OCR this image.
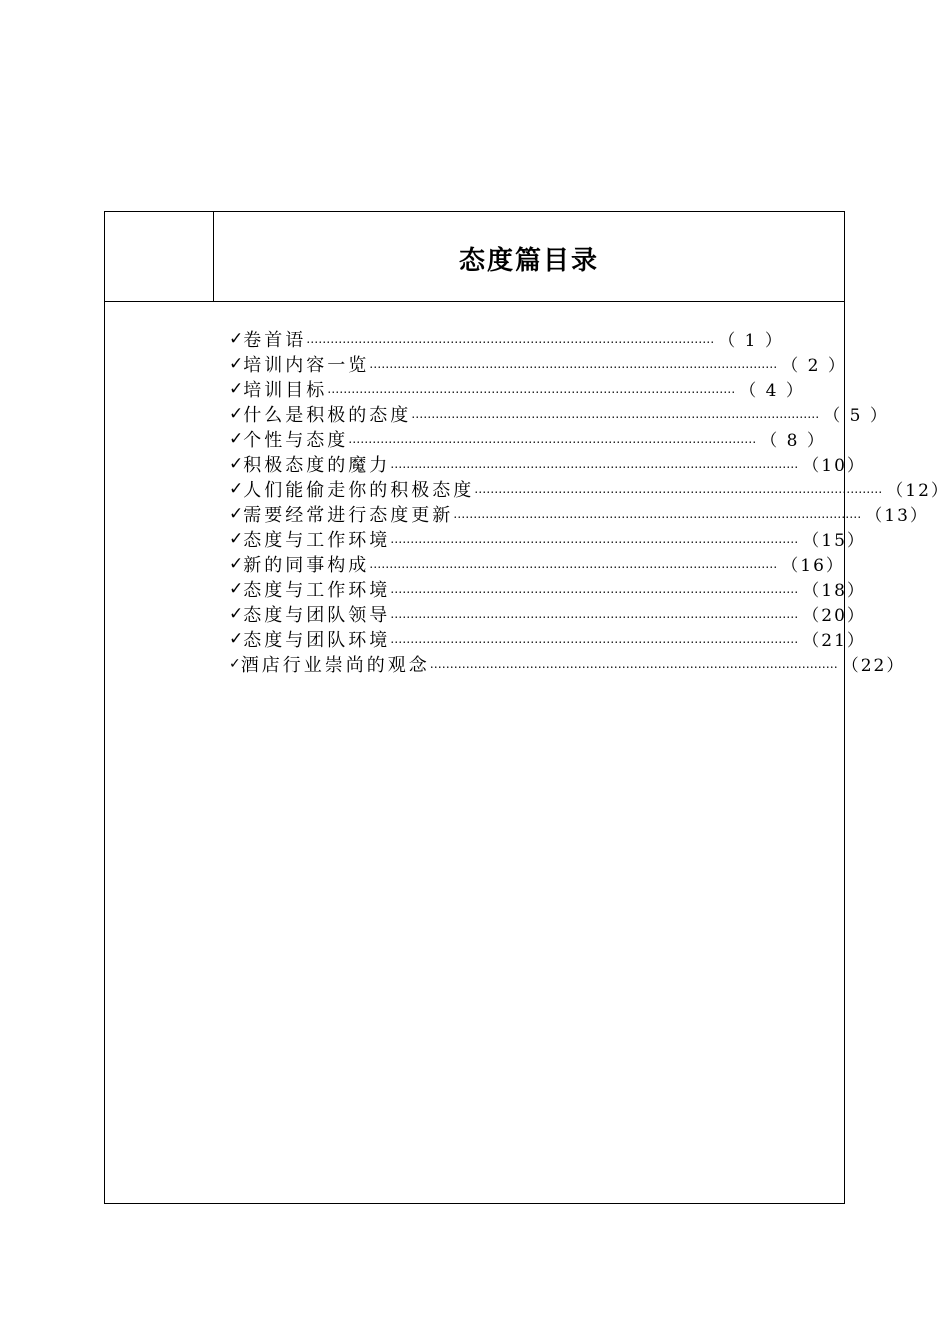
态度篇目录
✓ 卷首语 ………………………………………………………………………………………… （ 1 ）
✓ 培训内容一览 ………………………………………………………………………………………… （ 2 ）
✓ 培训目标 ………………………………………………………………………………………… （ 4 ）
✓ 什么是积极的态度 ………………………………………………………………………………………… （ 5 ）
✓ 个性与态度 ………………………………………………………………………………………… （ 8 ）
✓ 积极态度的魔力 ………………………………………………………………………………………… （10）
✓ 人们能偷走你的积极态度 ………………………………………………………………………………………… （12）
✓ 需要经常进行态度更新 ………………………………………………………………………………………… （13）
✓ 态度与工作环境 ………………………………………………………………………………………… （15）
✓ 新的同事构成 ………………………………………………………………………………………… （16）
✓ 态度与工作环境 ………………………………………………………………………………………… （18）
✓ 态度与团队领导 ………………………………………………………………………………………… （20）
✓ 态度与团队环境 ………………………………………………………………………………………… （21）
✓ 酒店行业崇尚的观念 ………………………………………………………………………………………… （22）
